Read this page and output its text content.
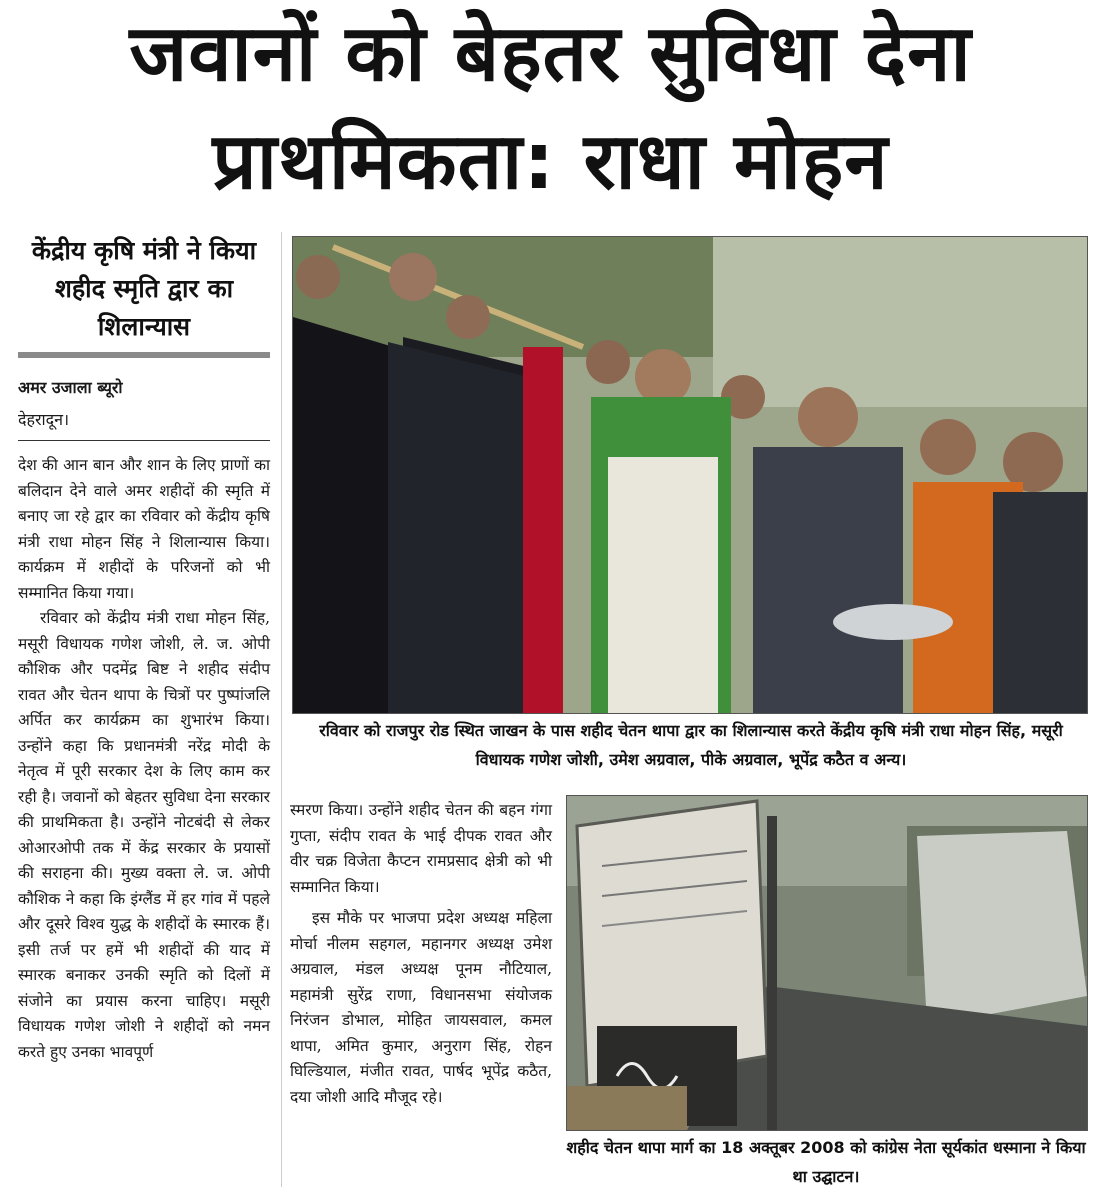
जवानों को बेहतर सुविधा देना
प्राथमिकता: राधा मोहन
केंद्रीय कृषि मंत्री ने किया शहीद स्मृति द्वार का शिलान्यास
अमर उजाला ब्यूरो
देहरादून।

देश की आन बान और शान के लिए प्राणों का बलिदान देने वाले अमर शहीदों की स्मृति में बनाए जा रहे द्वार का रविवार को केंद्रीय कृषि मंत्री राधा मोहन सिंह ने शिलान्यास किया। कार्यक्रम में शहीदों के परिजनों को भी सम्मानित किया गया।

रविवार को केंद्रीय मंत्री राधा मोहन सिंह, मसूरी विधायक गणेश जोशी, ले. ज. ओपी कौशिक और पदमेंद्र बिष्ट ने शहीद संदीप रावत और चेतन थापा के चित्रों पर पुष्पांजलि अर्पित कर कार्यक्रम का शुभारंभ किया। उन्होंने कहा कि प्रधानमंत्री नरेंद्र मोदी के नेतृत्व में पूरी सरकार देश के लिए काम कर रही है। जवानों को बेहतर सुविधा देना सरकार की प्राथमिकता है। उन्होंने नोटबंदी से लेकर ओआरओपी तक में केंद्र सरकार के प्रयासों की सराहना की। मुख्य वक्ता ले. ज. ओपी कौशिक ने कहा कि इंग्लैंड में हर गांव में पहले और दूसरे विश्व युद्ध के शहीदों के स्मारक हैं। इसी तर्ज पर हमें भी शहीदों की याद में स्मारक बनाकर उनकी स्मृति को दिलों में संजोने का प्रयास करना चाहिए। मसूरी विधायक गणेश जोशी ने शहीदों को नमन करते हुए उनका भावपूर्ण

रविवार को राजपुर रोड स्थित जाखन के पास शहीद चेतन थापा द्वार का शिलान्यास करते केंद्रीय कृषि मंत्री राधा मोहन सिंह, मसूरी विधायक गणेश जोशी, उमेश अग्रवाल, पीके अग्रवाल, भूपेंद्र कठैत व अन्य।

स्मरण किया। उन्होंने शहीद चेतन की बहन गंगा गुप्ता, संदीप रावत के भाई दीपक रावत और वीर चक्र विजेता कैप्टन रामप्रसाद क्षेत्री को भी सम्मानित किया।

इस मौके पर भाजपा प्रदेश अध्यक्ष महिला मोर्चा नीलम सहगल, महानगर अध्यक्ष उमेश अग्रवाल, मंडल अध्यक्ष पूनम नौटियाल, महामंत्री सुरेंद्र राणा, विधानसभा संयोजक निरंजन डोभाल, मोहित जायसवाल, कमल थापा, अमित कुमार, अनुराग सिंह, रोहन घिल्डियाल, मंजीत रावत, पार्षद भूपेंद्र कठैत, दया जोशी आदि मौजूद रहे।

शहीद चेतन थापा मार्ग का 18 अक्तूबर 2008 को कांग्रेस नेता सूर्यकांत धस्माना ने किया था उद्घाटन।
